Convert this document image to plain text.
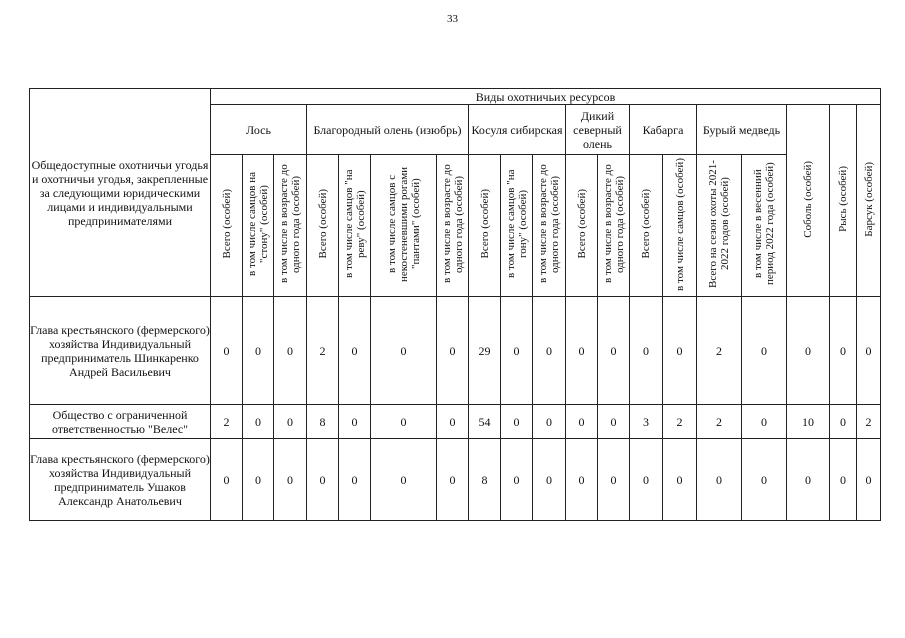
33
Общедоступные охотничьи угодья и охотничьи угодья, закрепленные за следующими юридическими лицами и индивидуальными предпринимателями	Виды охотничьих ресурсов																		
	Лось			Благородный олень (изюбрь)				Косуля сибирская			Дикий северный олень		Кабарга		Бурый медведь		Соболь (особей)	Рысь (особей)	Барсук (особей)
	Всего (особей)	в том числе самцов на "стону" (особей)	в том числе в возрасте до одного года (особей)	Всего (особей)	в том числе самцов "на реву" (особей)	в том числе самцов с некостеневшими рогами "пантами" (особей)	в том числе в возрасте до одного года (особей)	Всего (особей)	в том числе самцов "на гону" (особей)	в том числе в возрасте до одного года (особей)	Всего (особей)	в том числе в возрасте до одного года (особей)	Всего (особей)	в том числе самцов (особей)	Всего на сезон охоты 2021-2022 годов (особей)	в том числе в весенний период 2022 года (особей)			
Глава крестьянского (фермерского) хозяйства Индивидуальный предприниматель Шинкаренко Андрей Васильевич	0	0	0	2	0	0	0	29	0	0	0	0	0	0	2	0	0	0	0
Общество с ограниченной ответственностью "Велес"	2	0	0	8	0	0	0	54	0	0	0	0	3	2	2	0	10	0	2
Глава крестьянского (фермерского) хозяйства Индивидуальный предприниматель Ушаков Александр Анатольевич	0	0	0	0	0	0	0	8	0	0	0	0	0	0	0	0	0	0	0
